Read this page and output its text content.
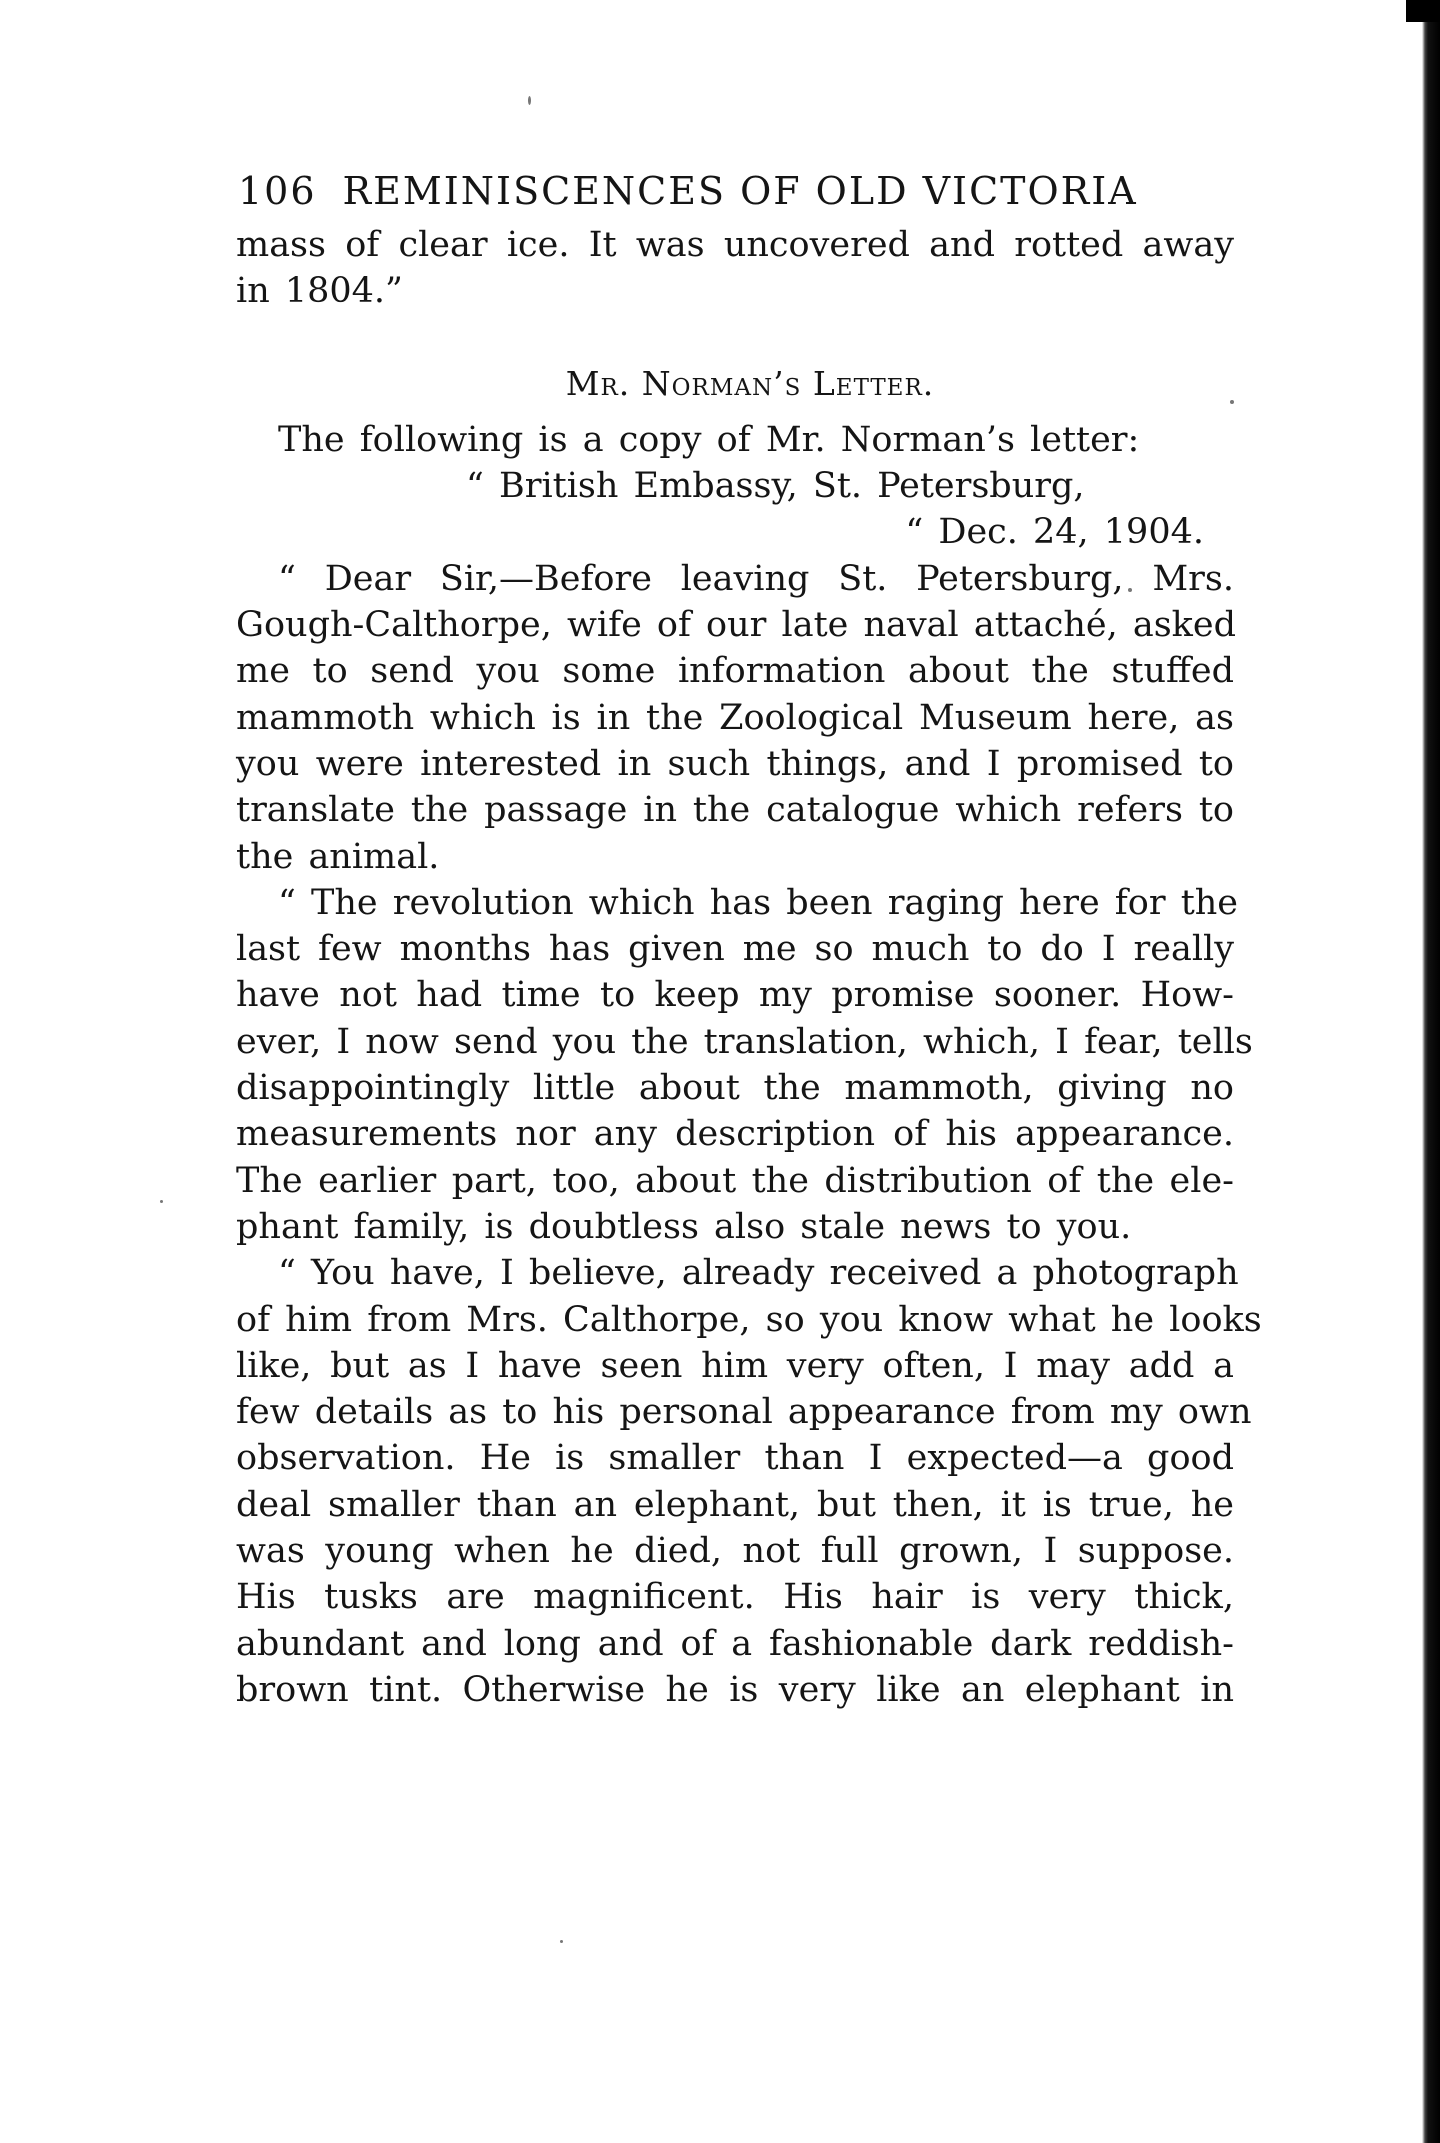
106 REMINISCENCES OF OLD VICTORIA
mass of clear ice. It was uncovered and rotted away
in 1804.”
Mr. Norman’s Letter.
The following is a copy of Mr. Norman’s letter:
“ British Embassy, St. Petersburg,
“ Dec. 24, 1904.
“ Dear Sir,—Before leaving St. Petersburg, Mrs.
Gough-Calthorpe, wife of our late naval attaché, asked
me to send you some information about the stuffed
mammoth which is in the Zoological Museum here, as
you were interested in such things, and I promised to
translate the passage in the catalogue which refers to
the animal.
“ The revolution which has been raging here for the
last few months has given me so much to do I really
have not had time to keep my promise sooner. How-
ever, I now send you the translation, which, I fear, tells
disappointingly little about the mammoth, giving no
measurements nor any description of his appearance.
The earlier part, too, about the distribution of the ele-
phant family, is doubtless also stale news to you.
“ You have, I believe, already received a photograph
of him from Mrs. Calthorpe, so you know what he looks
like, but as I have seen him very often, I may add a
few details as to his personal appearance from my own
observation. He is smaller than I expected—a good
deal smaller than an elephant, but then, it is true, he
was young when he died, not full grown, I suppose.
His tusks are magnificent. His hair is very thick,
abundant and long and of a fashionable dark reddish-
brown tint. Otherwise he is very like an elephant in
